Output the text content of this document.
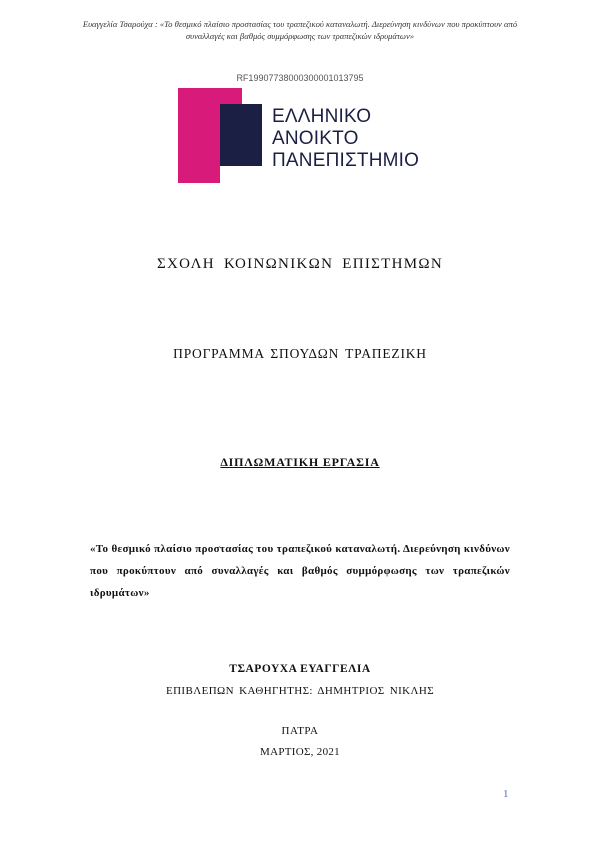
Ευαγγελία Τσαρούχα : «Το θεσμικό πλαίσιο προστασίας του τραπεζικού καταναλωτή. Διερεύνηση κινδύνων που προκύπτουν από συναλλαγές και βαθμός συμμόρφωσης των τραπεζικών ιδρυμάτων»
RF19907738000300001013795
ΕΛΛΗΝΙΚΟ
ΑΝΟΙΚΤΟ
ΠΑΝΕΠΙΣΤΗΜΙΟ
ΣΧΟΛΗ ΚΟΙΝΩΝΙΚΩΝ ΕΠΙΣΤΗΜΩΝ
ΠΡΟΓΡΑΜΜΑ ΣΠΟΥΔΩΝ ΤΡΑΠΕΖΙΚΗ
ΔΙΠΛΩΜΑΤΙΚΗ ΕΡΓΑΣΙΑ
«Το θεσμικό πλαίσιο προστασίας του τραπεζικού καταναλωτή. Διερεύνηση κινδύνων που προκύπτουν από συναλλαγές και βαθμός συμμόρφωσης των τραπεζικών ιδρυμάτων»
ΤΣΑΡΟΥΧΑ ΕΥΑΓΓΕΛΙΑ
ΕΠΙΒΛΕΠΩΝ ΚΑΘΗΓΗΤΗΣ: ΔΗΜΗΤΡΙΟΣ ΝΙΚΛΗΣ
ΠΑΤΡΑ
ΜΑΡΤΙΟΣ, 2021
1
